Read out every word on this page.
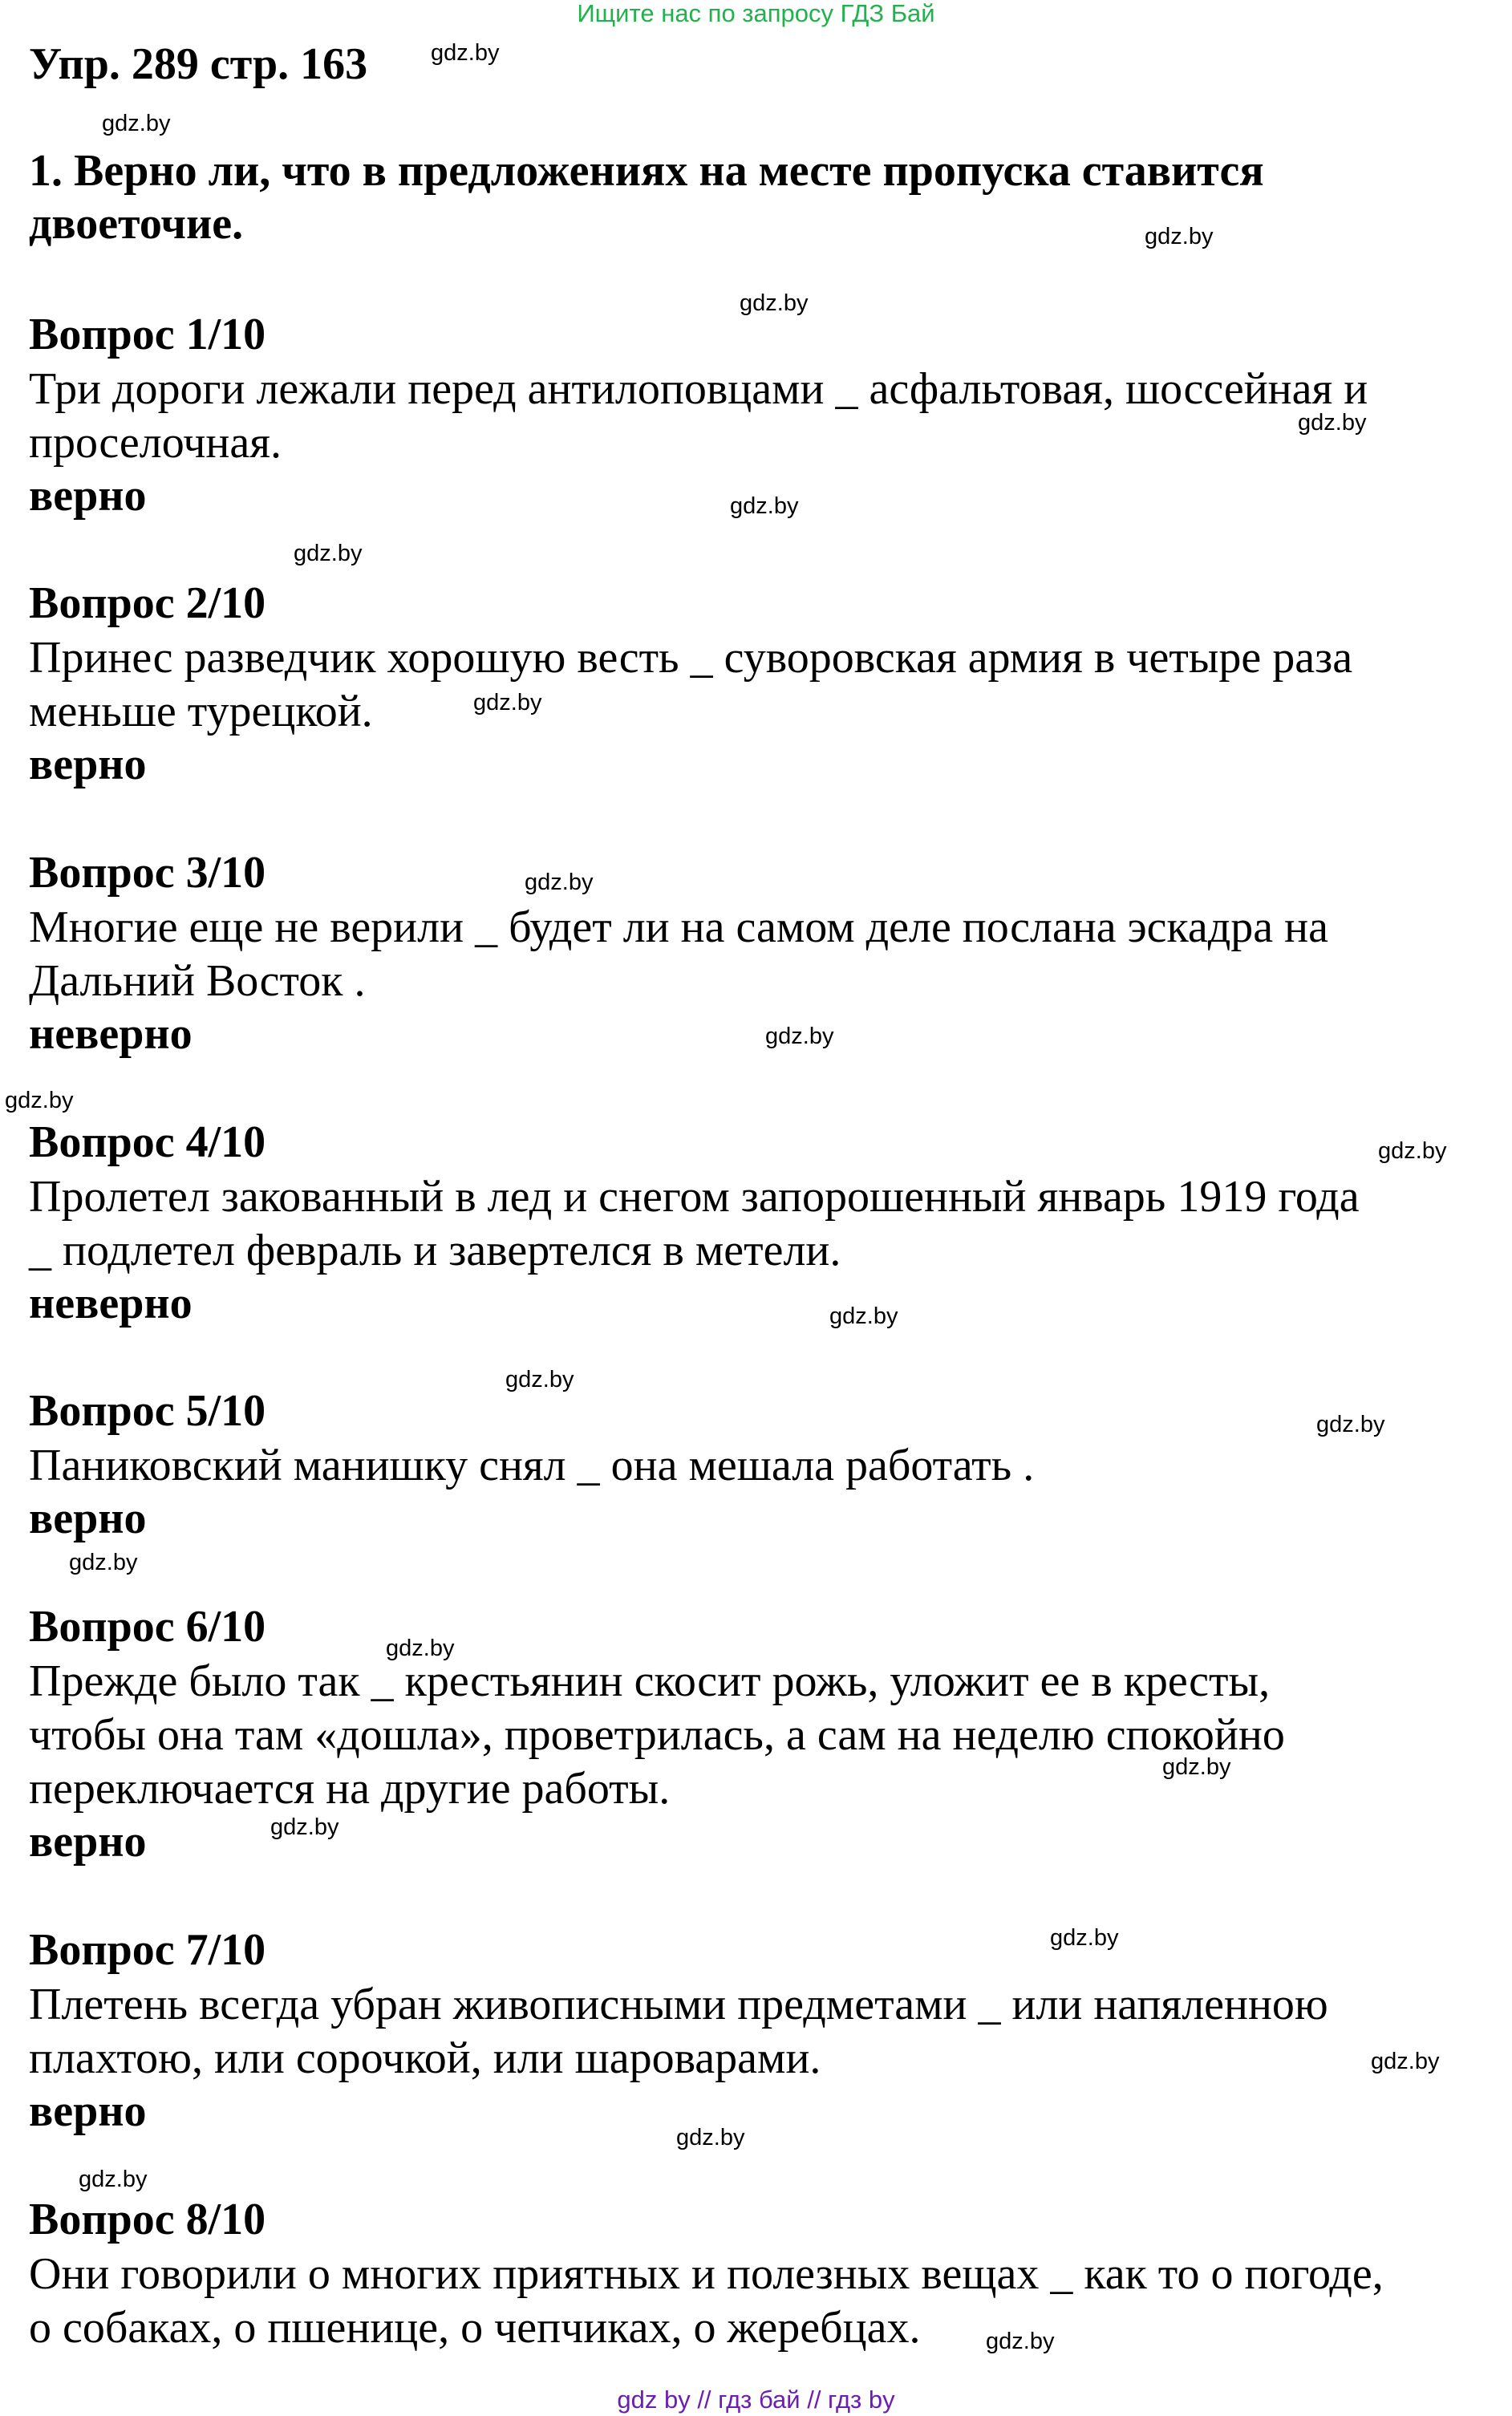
Ищите нас по запросу ГДЗ Бай
Упр. 289 стр. 163
1. Верно ли, что в предложениях на месте пропуска ставится двоеточие.
Вопрос 1/10
Три дороги лежали перед антилоповцами _ асфальтовая, шоссейная и
проселочная.
верно
Вопрос 2/10
Принес разведчик хорошую весть _ суворовская армия в четыре раза
меньше турецкой.
верно
Вопрос 3/10
Многие еще не верили _ будет ли на самом деле послана эскадра на
Дальний Восток .
неверно
Вопрос 4/10
Пролетел закованный в лед и снегом запорошенный январь 1919 года
_ подлетел февраль и завертелся в метели.
неверно
Вопрос 5/10
Паниковский манишку снял _ она мешала работать .
верно
Вопрос 6/10
Прежде было так _ крестьянин скосит рожь, уложит ее в кресты,
чтобы она там «дошла», проветрилась, а сам на неделю спокойно
переключается на другие работы.
верно
Вопрос 7/10
Плетень всегда убран живописными предметами _ или напяленною
плахтою, или сорочкой, или шароварами.
верно
Вопрос 8/10
Они говорили о многих приятных и полезных вещах _ как то о погоде,
о собаках, о пшенице, о чепчиках, о жеребцах.
gdz.by
gdz.by
gdz.by
gdz.by
gdz.by
gdz.by
gdz.by
gdz.by
gdz.by
gdz.by
gdz.by
gdz.by
gdz.by
gdz.by
gdz.by
gdz.by
gdz.by
gdz.by
gdz.by
gdz.by
gdz.by
gdz.by
gdz.by
gdz.by
gdz by // гдз бай // гдз by
